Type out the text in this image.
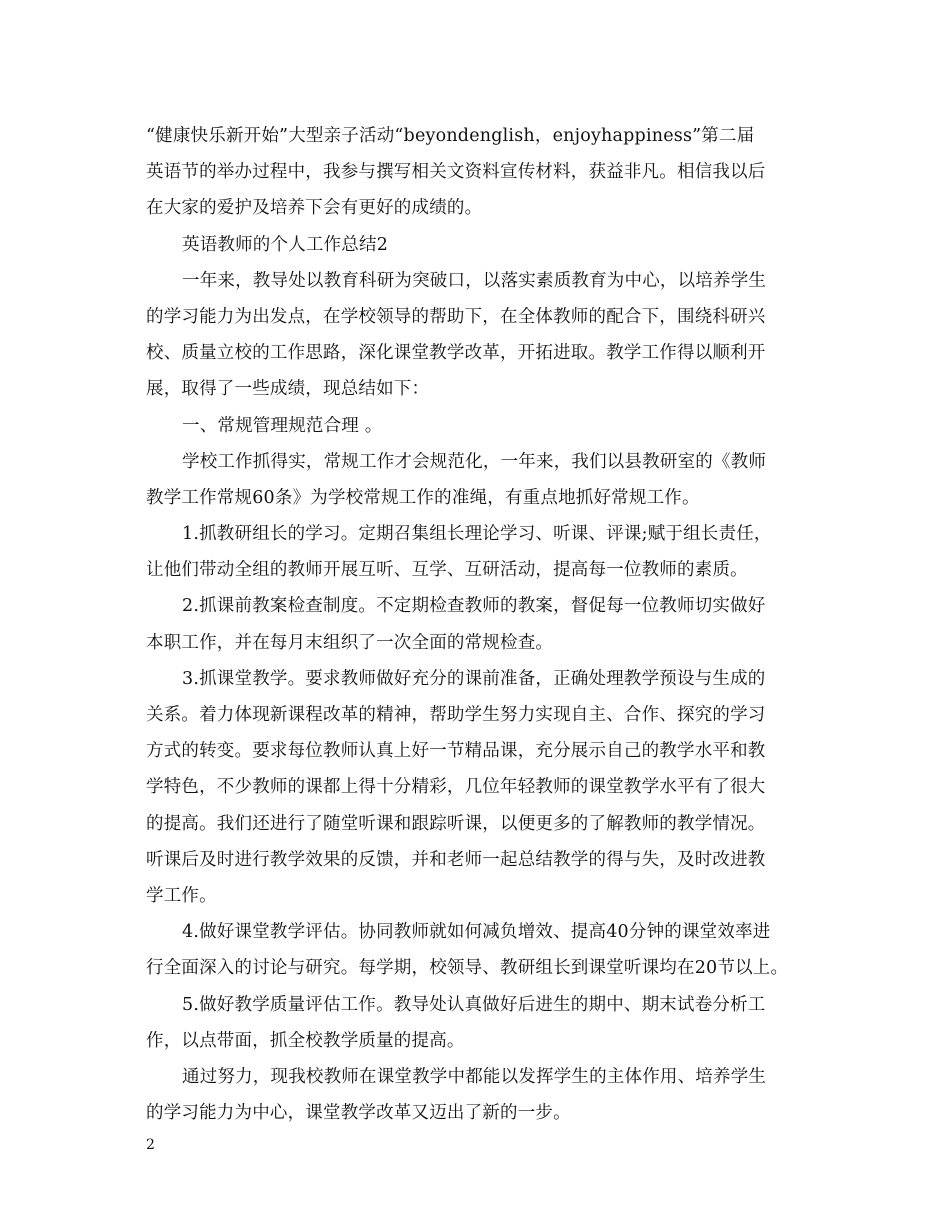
“健康快乐新开始”大型亲子活动“beyondenglish，enjoyhappiness”第二届
英语节的举办过程中，我参与撰写相关文资料宣传材料，获益非凡。相信我以后
在大家的爱护及培养下会有更好的成绩的。
英语教师的个人工作总结2
一年来，教导处以教育科研为突破口，以落实素质教育为中心，以培养学生
的学习能力为出发点，在学校领导的帮助下，在全体教师的配合下，围绕科研兴
校、质量立校的工作思路，深化课堂教学改革，开拓进取。教学工作得以顺利开
展，取得了一些成绩，现总结如下：
一、常规管理规范合理 。
学校工作抓得实，常规工作才会规范化，一年来，我们以县教研室的《教师
教学工作常规60条》为学校常规工作的准绳，有重点地抓好常规工作。
1.抓教研组长的学习。定期召集组长理论学习、听课、评课;赋于组长责任，
让他们带动全组的教师开展互听、互学、互研活动，提高每一位教师的素质。
2.抓课前教案检查制度。不定期检查教师的教案，督促每一位教师切实做好
本职工作，并在每月末组织了一次全面的常规检查。
3.抓课堂教学。要求教师做好充分的课前准备，正确处理教学预设与生成的
关系。着力体现新课程改革的精神，帮助学生努力实现自主、合作、探究的学习
方式的转变。要求每位教师认真上好一节精品课，充分展示自己的教学水平和教
学特色，不少教师的课都上得十分精彩，几位年轻教师的课堂教学水平有了很大
的提高。我们还进行了随堂听课和跟踪听课，以便更多的了解教师的教学情况。
听课后及时进行教学效果的反馈，并和老师一起总结教学的得与失，及时改进教
学工作。
4.做好课堂教学评估。协同教师就如何减负增效、提高40分钟的课堂效率进
行全面深入的讨论与研究。每学期，校领导、教研组长到课堂听课均在20节以上。
5.做好教学质量评估工作。教导处认真做好后进生的期中、期末试卷分析工
作，以点带面，抓全校教学质量的提高。
通过努力，现我校教师在课堂教学中都能以发挥学生的主体作用、培养学生
的学习能力为中心，课堂教学改革又迈出了新的一步。
2
